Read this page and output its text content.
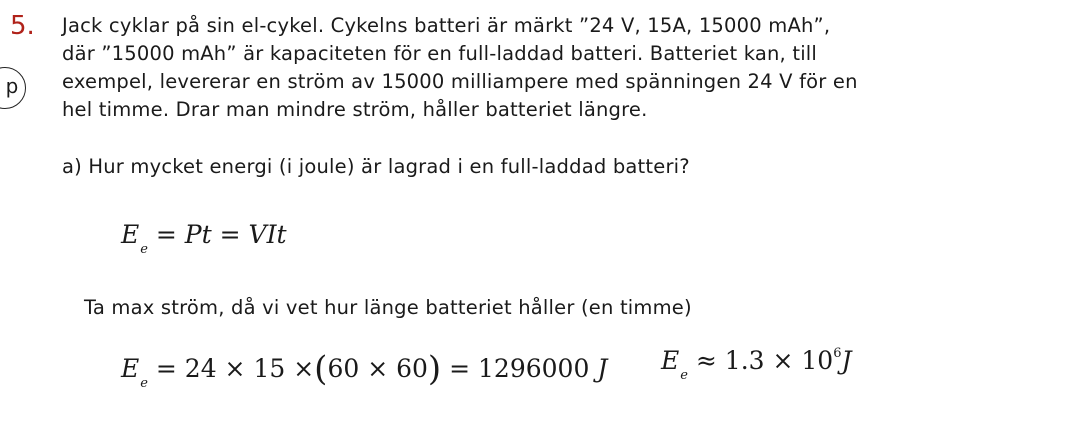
5.
p
Jack cyklar på sin el-cykel. Cykelns batteri är märkt ”24 V, 15A, 15000 mAh”,
där ”15000 mAh” är kapaciteten för en full-laddad batteri. Batteriet kan, till
exempel, levererar en ström av 15000 milliampere med spänningen 24 V för en
hel timme. Drar man mindre ström, håller batteriet längre.
a) Hur mycket energi (i joule) är lagrad i en full-laddad batteri?
$E_e = Pt$ = VIt
Ta max ström, då vi vet hur länge batteriet håller (en timme)
$E_e = 24 \times 15 \times(60 \times 60) = 1296000$ J $E_e \approx 1.3 \times 10^6J$
